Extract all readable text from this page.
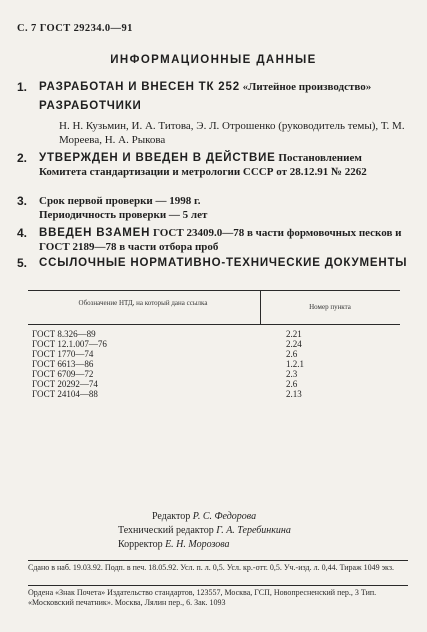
С. 7 ГОСТ 29234.0—91
ИНФОРМАЦИОННЫЕ ДАННЫЕ
1. РАЗРАБОТАН И ВНЕСЕН ТК 252 «Литейное производство»
РАЗРАБОТЧИКИ
Н. Н. Кузьмин, И. А. Титова, Э. Л. Отрошенко (руководитель темы), Т. М. Мореева, Н. А. Рыкова
2. УТВЕРЖДЕН И ВВЕДЕН В ДЕЙСТВИЕ Постановлением Комитета стандартизации и метрологии СССР от 28.12.91 № 2262
3. Срок первой проверки — 1998 г. Периодичность проверки — 5 лет
4. ВВЕДЕН ВЗАМЕН ГОСТ 23409.0—78 в части формовочных песков и ГОСТ 2189—78 в части отбора проб
5. ССЫЛОЧНЫЕ НОРМАТИВНО-ТЕХНИЧЕСКИЕ ДОКУМЕНТЫ
Обозначение НТД, на который дана ссылка	Номер пункта
ГОСТ 8.326—89	2.21
ГОСТ 12.1.007—76	2.24
ГОСТ 1770—74	2.6
ГОСТ 6613—86	1.2.1
ГОСТ 6709—72	2.3
ГОСТ 20292—74	2.6
ГОСТ 24104—88	2.13
Редактор Р. С. Федорова
Технический редактор Г. А. Теребинкина
Корректор Е. Н. Морозова
Сдано в наб. 19.03.92. Подп. в печ. 18.05.92. Усл. п. л. 0,5. Усл. кр.-отт. 0,5. Уч.-изд. л. 0,44. Тираж 1049 экз.
Ордена «Знак Почета» Издательство стандартов, 123557, Москва, ГСП, Новопресненский пер., 3 Тип. «Московский печатник». Москва, Лялин пер., 6. Зак. 1093
